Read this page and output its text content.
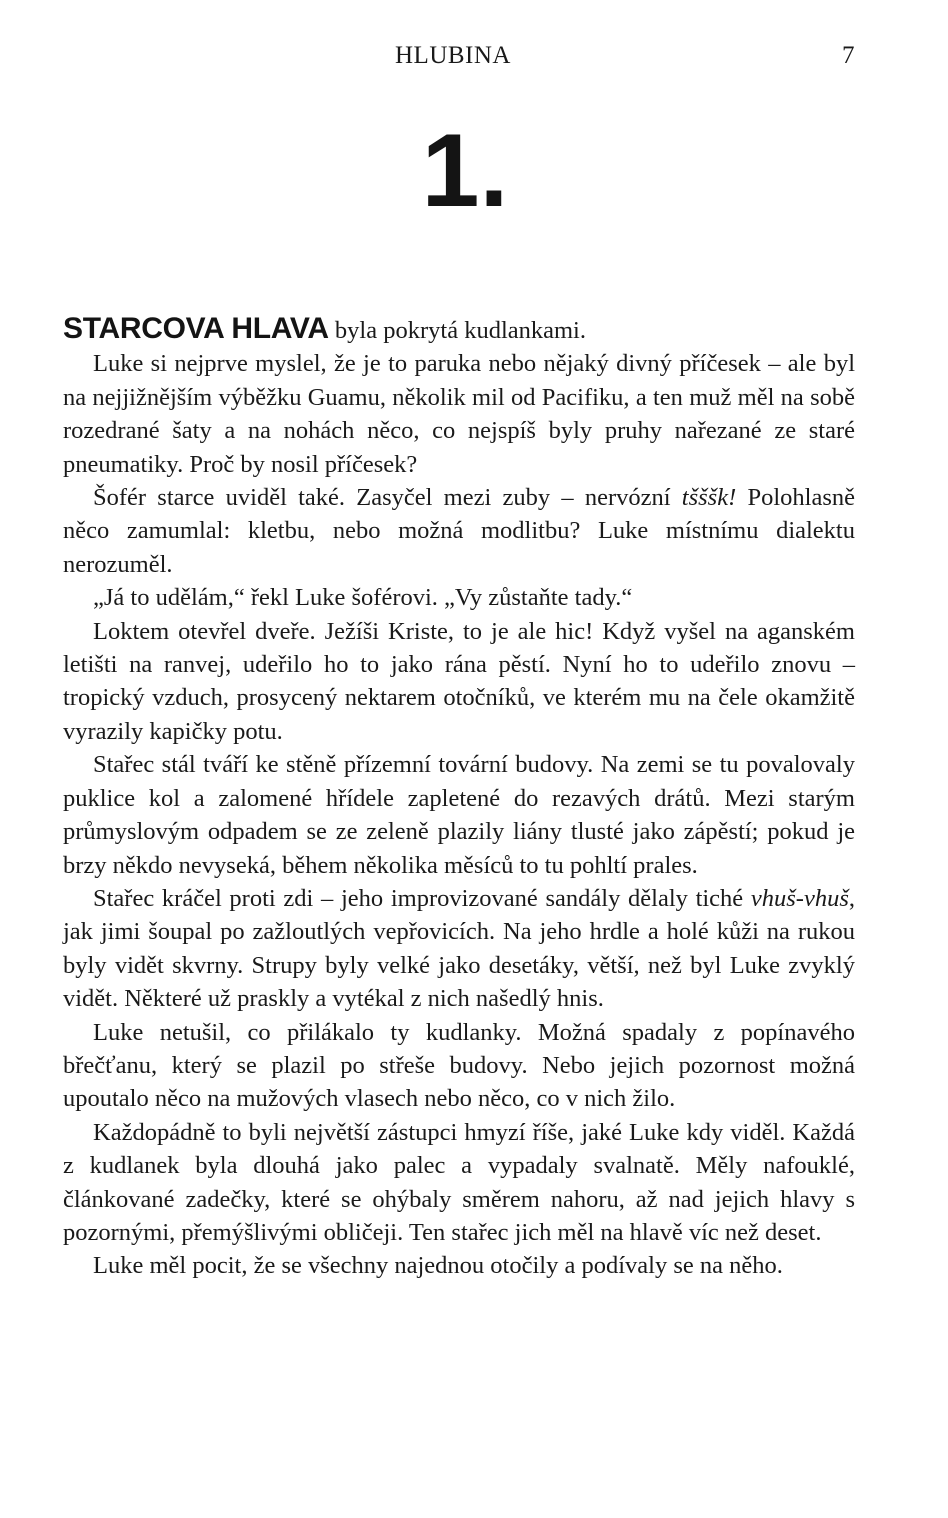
HLUBINA	7
1.

STARCOVA HLAVA byla pokrytá kudlankami.

Luke si nejprve myslel, že je to paruka nebo nějaký divný příčesek – ale byl na nejjižnějším výběžku Guamu, několik mil od Pacifiku, a ten muž měl na sobě rozedrané šaty a na nohách něco, co nejspíš byly pruhy nařezané ze staré pneumatiky. Proč by nosil příčesek?

Šofér starce uviděl také. Zasyčel mezi zuby – nervózní tšššk! Polohlasně něco zamumlal: kletbu, nebo možná modlitbu? Luke místnímu dialektu nerozuměl.

„Já to udělám,“ řekl Luke šoférovi. „Vy zůstaňte tady.“

Loktem otevřel dveře. Ježíši Kriste, to je ale hic! Když vyšel na aganském letišti na ranvej, udeřilo ho to jako rána pěstí. Nyní ho to udeřilo znovu – tropický vzduch, prosycený nektarem otočníků, ve kterém mu na čele okamžitě vyrazily kapičky potu.

Stařec stál tváří ke stěně přízemní tovární budovy. Na zemi se tu povalovaly puklice kol a zalomené hřídele zapletené do rezavých drátů. Mezi starým průmyslovým odpadem se ze zeleně plazily liány tlusté jako zápěstí; pokud je brzy někdo nevyseká, během několika měsíců to tu pohltí prales.

Stařec kráčel proti zdi – jeho improvizované sandály dělaly tiché vhuš-vhuš, jak jimi šoupal po zažloutlých vepřovicích. Na jeho hrdle a holé kůži na rukou byly vidět skvrny. Strupy byly velké jako desetáky, větší, než byl Luke zvyklý vidět. Některé už praskly a vytékal z nich našedlý hnis.

Luke netušil, co přilákalo ty kudlanky. Možná spadaly z popínavého břečťanu, který se plazil po střeše budovy. Nebo jejich pozornost možná upoutalo něco na mužových vlasech nebo něco, co v nich žilo.

Každopádně to byli největší zástupci hmyzí říše, jaké Luke kdy viděl. Každá z kudlanek byla dlouhá jako palec a vypadaly svalnatě. Měly nafouklé, článkované zadečky, které se ohýbaly směrem nahoru, až nad jejich hlavy s pozornými, přemýšlivými obličeji. Ten stařec jich měl na hlavě víc než deset.

Luke měl pocit, že se všechny najednou otočily a podívaly se na něho.
